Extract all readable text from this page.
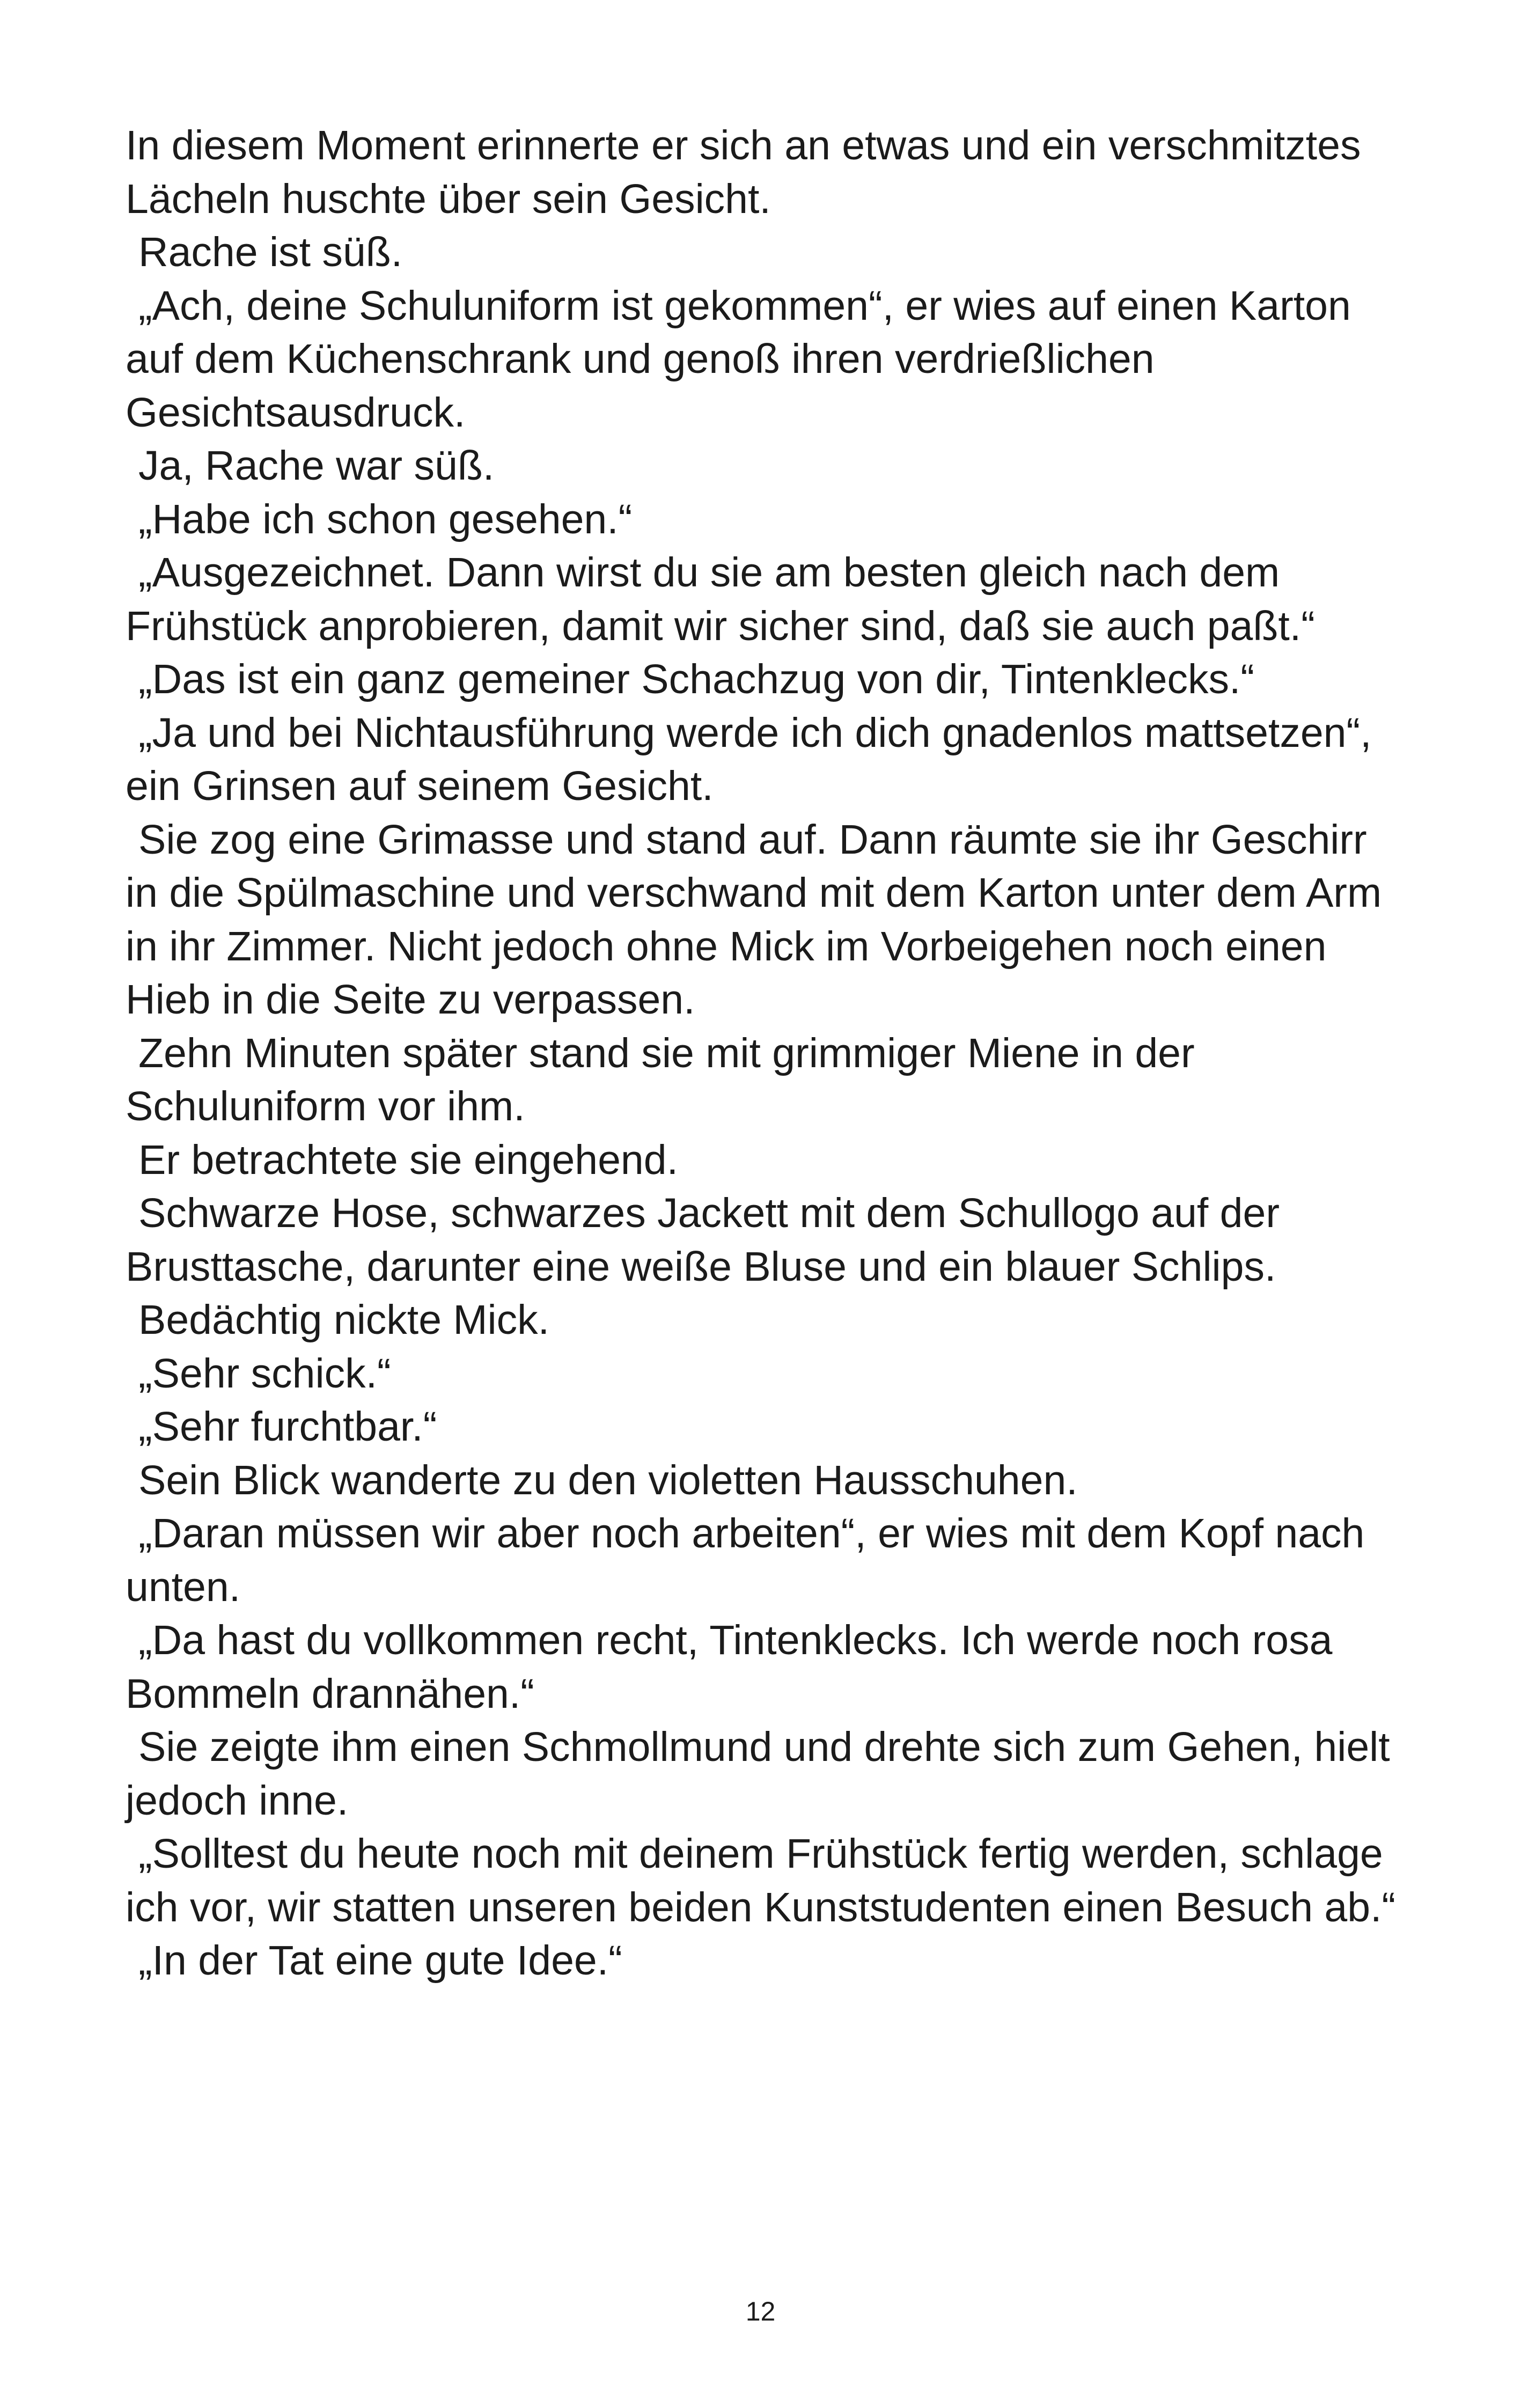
In diesem Moment erinnerte er sich an etwas und ein verschmitztes Lächeln huschte über sein Gesicht.

Rache ist süß.

„Ach, deine Schuluniform ist gekommen“, er wies auf einen Karton auf dem Küchenschrank und genoß ihren verdrießlichen Gesichtsausdruck.

Ja, Rache war süß.

„Habe ich schon gesehen.“

„Ausgezeichnet. Dann wirst du sie am besten gleich nach dem Frühstück anprobieren, damit wir sicher sind, daß sie auch paßt.“

„Das ist ein ganz gemeiner Schachzug von dir, Tintenklecks.“

„Ja und bei Nichtausführung werde ich dich gnadenlos mattsetzen“, ein Grinsen auf seinem Gesicht.

Sie zog eine Grimasse und stand auf. Dann räumte sie ihr Geschirr in die Spülmaschine und verschwand mit dem Karton unter dem Arm in ihr Zimmer. Nicht jedoch ohne Mick im Vorbeigehen noch einen Hieb in die Seite zu verpassen.

Zehn Minuten später stand sie mit grimmiger Miene in der Schuluniform vor ihm.

Er betrachtete sie eingehend.

Schwarze Hose, schwarzes Jackett mit dem Schullogo auf der Brusttasche, darunter eine weiße Bluse und ein blauer Schlips.

Bedächtig nickte Mick.

„Sehr schick.“

„Sehr furchtbar.“

Sein Blick wanderte zu den violetten Hausschuhen.

„Daran müssen wir aber noch arbeiten“, er wies mit dem Kopf nach unten.

„Da hast du vollkommen recht, Tintenklecks. Ich werde noch rosa Bommeln drannähen.“

Sie zeigte ihm einen Schmollmund und drehte sich zum Gehen, hielt jedoch inne.

„Solltest du heute noch mit deinem Frühstück fertig werden, schlage ich vor, wir statten unseren beiden Kunststudenten einen Besuch ab.“

„In der Tat eine gute Idee.“

12
